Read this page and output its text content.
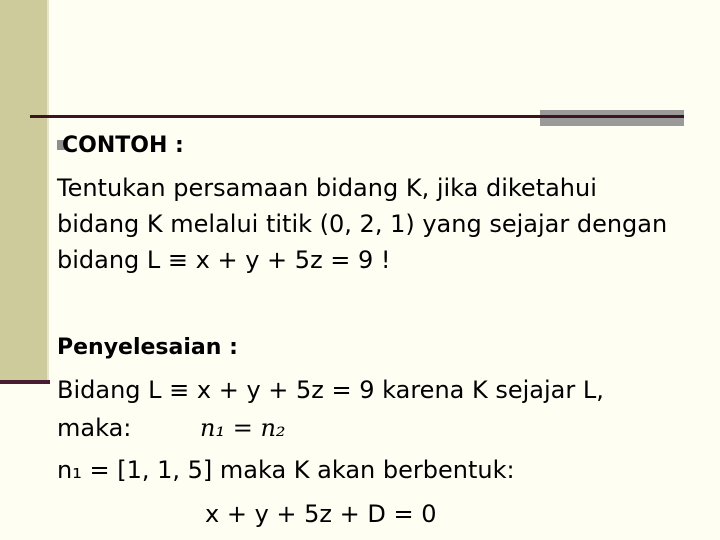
CONTOH :
Tentukan persamaan bidang K, jika diketahui
bidang K melalui titik (0, 2, 1) yang sejajar dengan
bidang L ≡ x + y + 5z = 9 !
Penyelesaian :
Bidang L ≡ x + y + 5z = 9 karena K sejajar L,
maka:	n₁ = n₂
n₁ = [1, 1, 5] maka K akan berbentuk:
x + y + 5z + D = 0
